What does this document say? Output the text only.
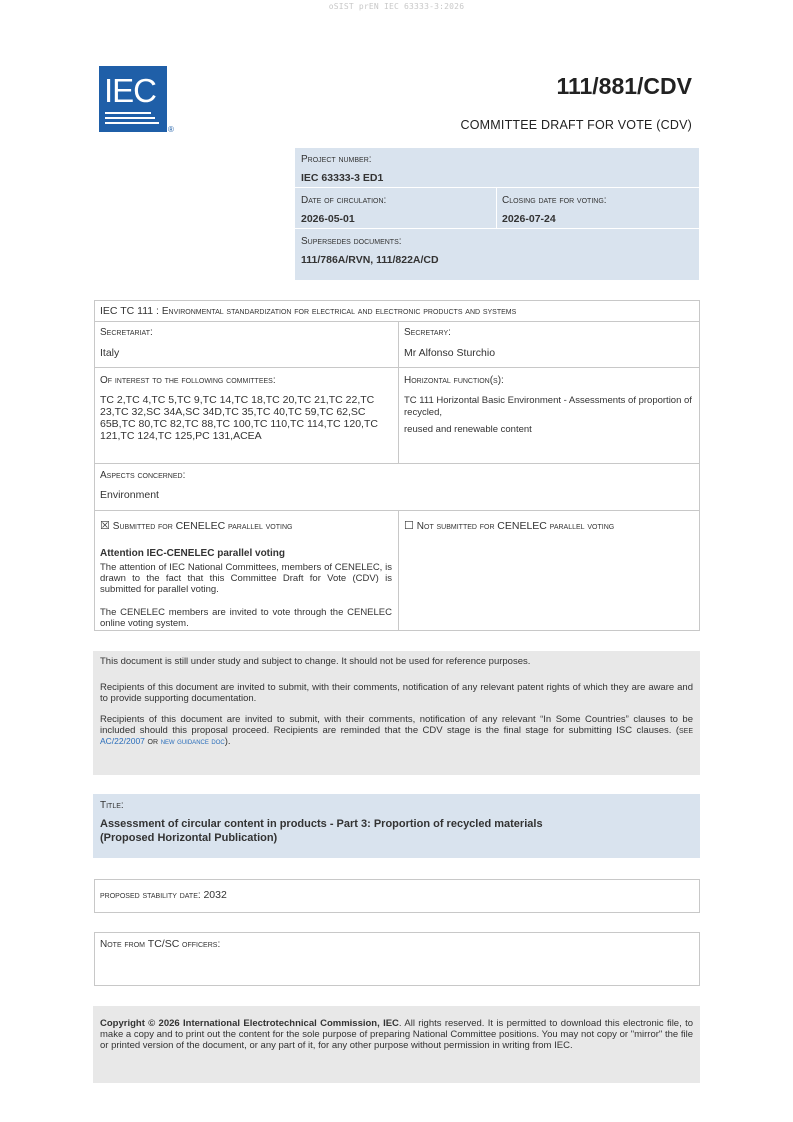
oSIST prEN IEC 63333-3:2026
IEC
®
111/881/CDV
COMMITTEE DRAFT FOR VOTE (CDV)
Project number:
IEC 63333-3 ED1
Date of circulation:
2026-05-01
Closing date for voting:
2026-07-24
Supersedes documents:
111/786A/RVN, 111/822A/CD
IEC TC 111 : Environmental standardization for electrical and electronic products and systems
Secretariat:
Italy
Secretary:
Mr Alfonso Sturchio
Of interest to the following committees:
TC 2,TC 4,TC 5,TC 9,TC 14,TC 18,TC 20,TC 21,TC 22,TC 23,TC 32,SC 34A,SC 34D,TC 35,TC 40,TC 59,TC 62,SC 65B,TC 80,TC 82,TC 88,TC 100,TC 110,TC 114,TC 120,TC 121,TC 124,TC 125,PC 131,ACEA
Horizontal function(s):
TC 111 Horizontal Basic Environment - Assessments of proportion of recycled,
reused and renewable content
Aspects concerned:
Environment
☒ Submitted for CENELEC parallel voting	☐ Not submitted for CENELEC parallel voting
Attention IEC-CENELEC parallel voting
The attention of IEC National Committees, members of CENELEC, is drawn to the fact that this Committee Draft for Vote (CDV) is submitted for parallel voting.
The CENELEC members are invited to vote through the CENELEC online voting system.
This document is still under study and subject to change. It should not be used for reference purposes.
Recipients of this document are invited to submit, with their comments, notification of any relevant patent rights of which they are aware and to provide supporting documentation.
Recipients of this document are invited to submit, with their comments, notification of any relevant “In Some Countries” clauses to be included should this proposal proceed. Recipients are reminded that the CDV stage is the final stage for submitting ISC clauses. (see AC/22/2007 or new guidance doc).
Title:
Assessment of circular content in products - Part 3: Proportion of recycled materials
(Proposed Horizontal Publication)
proposed stability date: 2032
Note from TC/SC officers:
Copyright © 2026 International Electrotechnical Commission, IEC. All rights reserved. It is permitted to download this electronic file, to make a copy and to print out the content for the sole purpose of preparing National Committee positions. You may not copy or "mirror" the file or printed version of the document, or any part of it, for any other purpose without permission in writing from IEC.
